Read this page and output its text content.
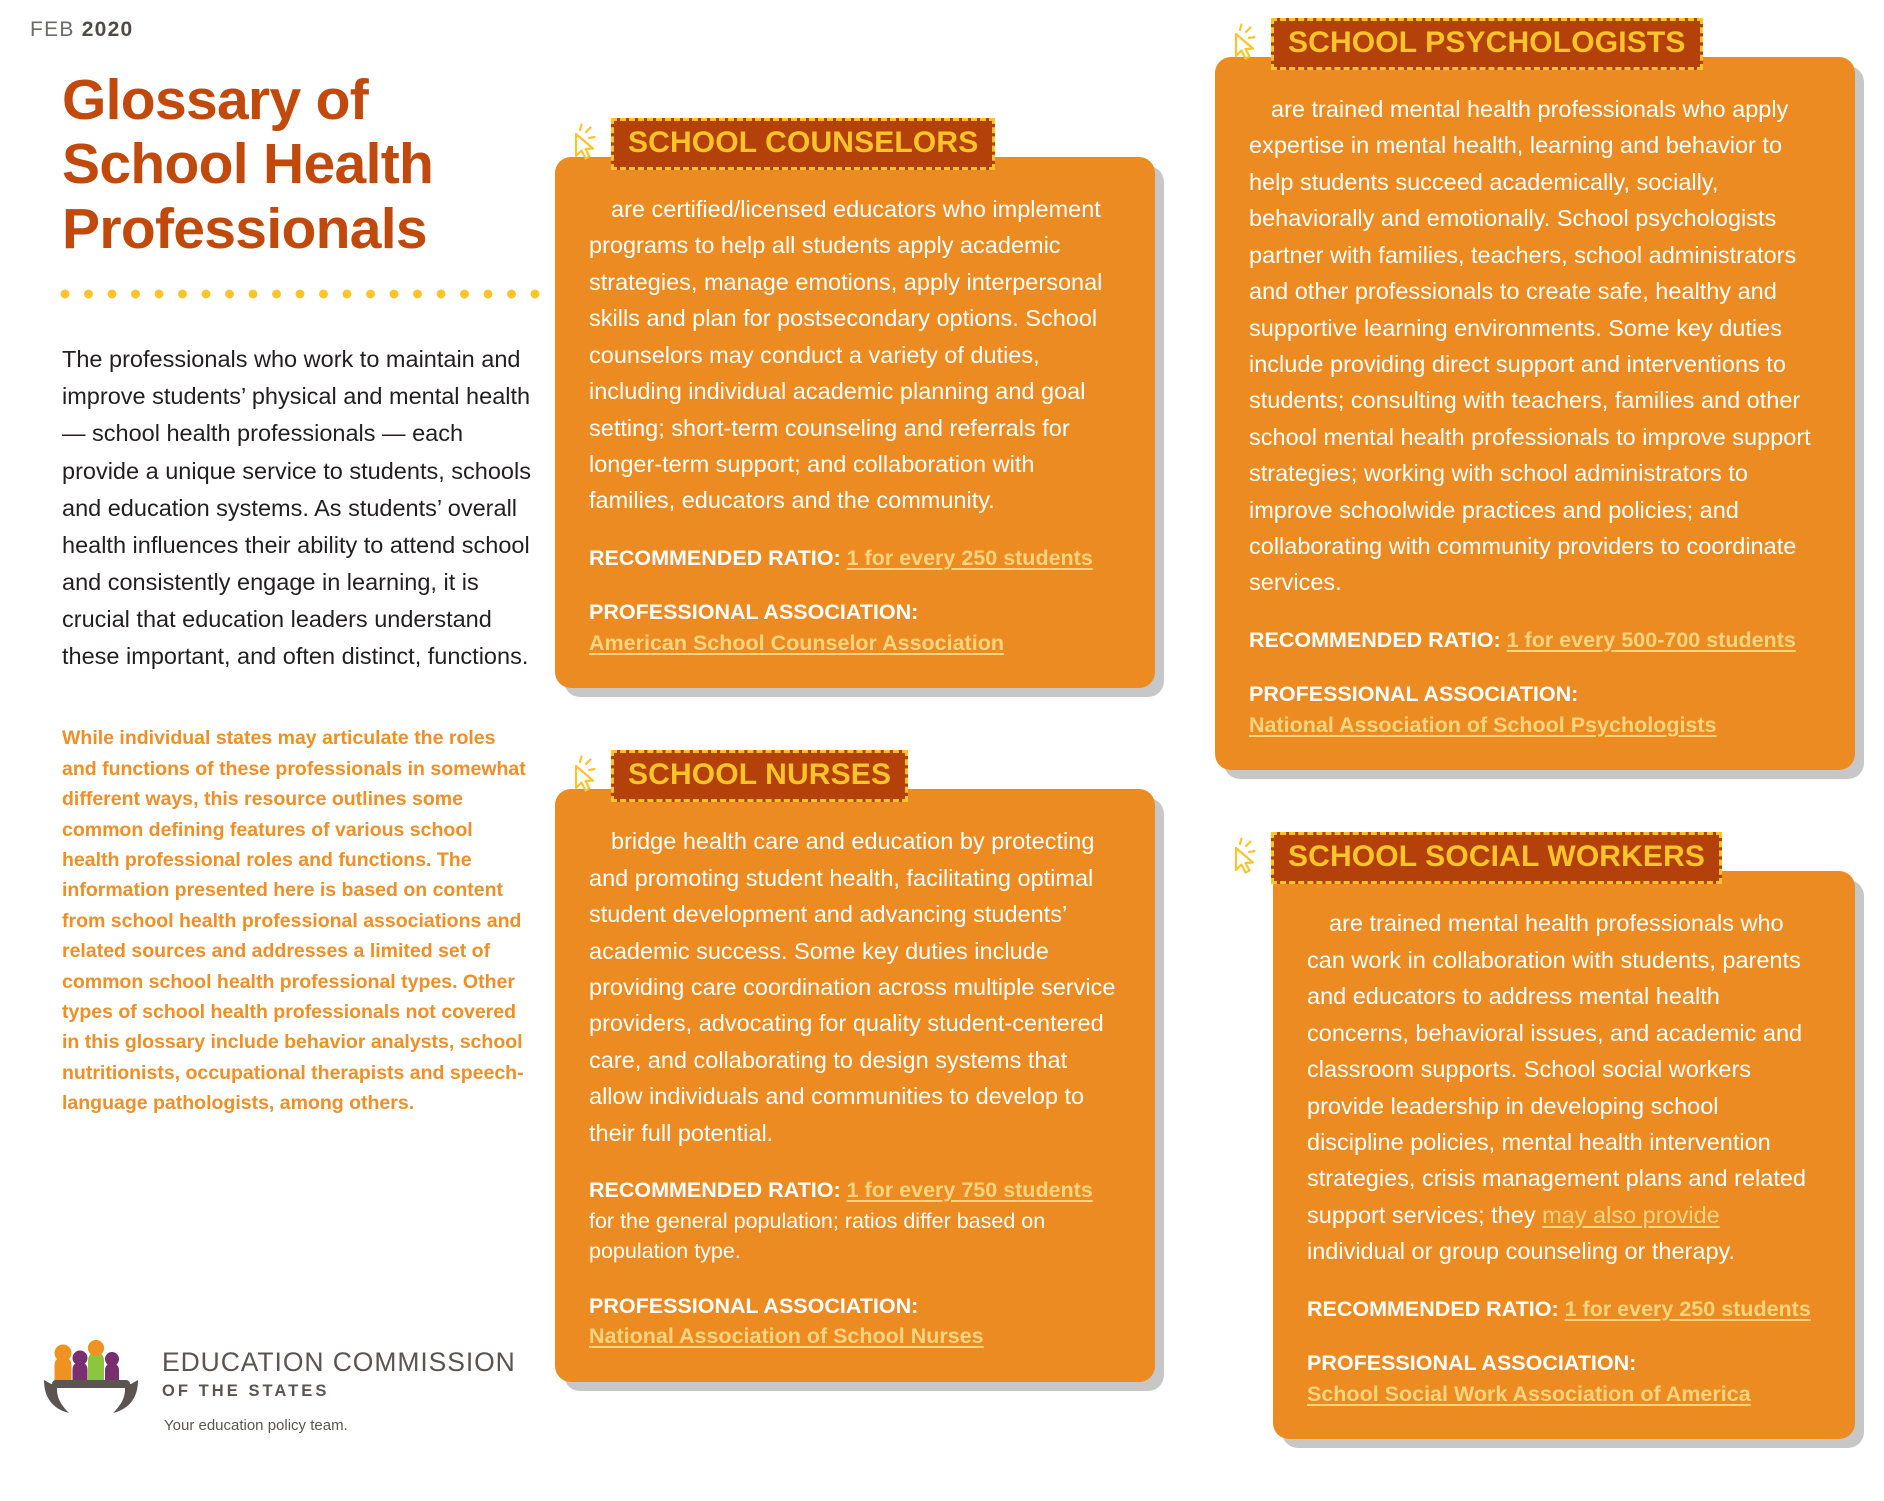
FEB 2020
Glossary of
School Health
Professionals

The professionals who work to maintain and improve students’ physical and mental health — school health professionals — each provide a unique service to students, schools and education systems. As students’ overall health influences their ability to attend school and consistently engage in learning, it is crucial that education leaders understand these important, and often distinct, functions.

While individual states may articulate the roles and functions of these professionals in somewhat different ways, this resource outlines some common defining features of various school health professional roles and functions. The information presented here is based on content from school health professional associations and related sources and addresses a limited set of common school health professional types. Other types of school health professionals not covered in this glossary include behavior analysts, school nutritionists, occupational therapists and speech-language pathologists, among others.

EDUCATION COMMISSION
OF THE STATES
Your education policy team.
SCHOOL COUNSELORS

are certified/licensed educators who implement programs to help all students apply academic strategies, manage emotions, apply interpersonal skills and plan for postsecondary options. School counselors may conduct a variety of duties, including individual academic planning and goal setting; short-term counseling and referrals for longer-term support; and collaboration with families, educators and the community.

RECOMMENDED RATIO: 1 for every 250 students
PROFESSIONAL ASSOCIATION:
American School Counselor Association
SCHOOL NURSES

bridge health care and education by protecting and promoting student health, facilitating optimal student development and advancing students’ academic success. Some key duties include providing care coordination across multiple service providers, advocating for quality student-centered care, and collaborating to design systems that allow individuals and communities to develop to their full potential.

RECOMMENDED RATIO: 1 for every 750 students for the general population; ratios differ based on population type.
PROFESSIONAL ASSOCIATION:
National Association of School Nurses
SCHOOL PSYCHOLOGISTS

are trained mental health professionals who apply expertise in mental health, learning and behavior to help students succeed academically, socially, behaviorally and emotionally. School psychologists partner with families, teachers, school administrators and other professionals to create safe, healthy and supportive learning environments. Some key duties include providing direct support and interventions to students; consulting with teachers, families and other school mental health professionals to improve support strategies; working with school administrators to improve schoolwide practices and policies; and collaborating with community providers to coordinate services.

RECOMMENDED RATIO: 1 for every 500-700 students
PROFESSIONAL ASSOCIATION:
National Association of School Psychologists
SCHOOL SOCIAL WORKERS

are trained mental health professionals who can work in collaboration with students, parents and educators to address mental health concerns, behavioral issues, and academic and classroom supports. School social workers provide leadership in developing school discipline policies, mental health intervention strategies, crisis management plans and related support services; they may also provide individual or group counseling or therapy.

RECOMMENDED RATIO: 1 for every 250 students
PROFESSIONAL ASSOCIATION:
School Social Work Association of America
